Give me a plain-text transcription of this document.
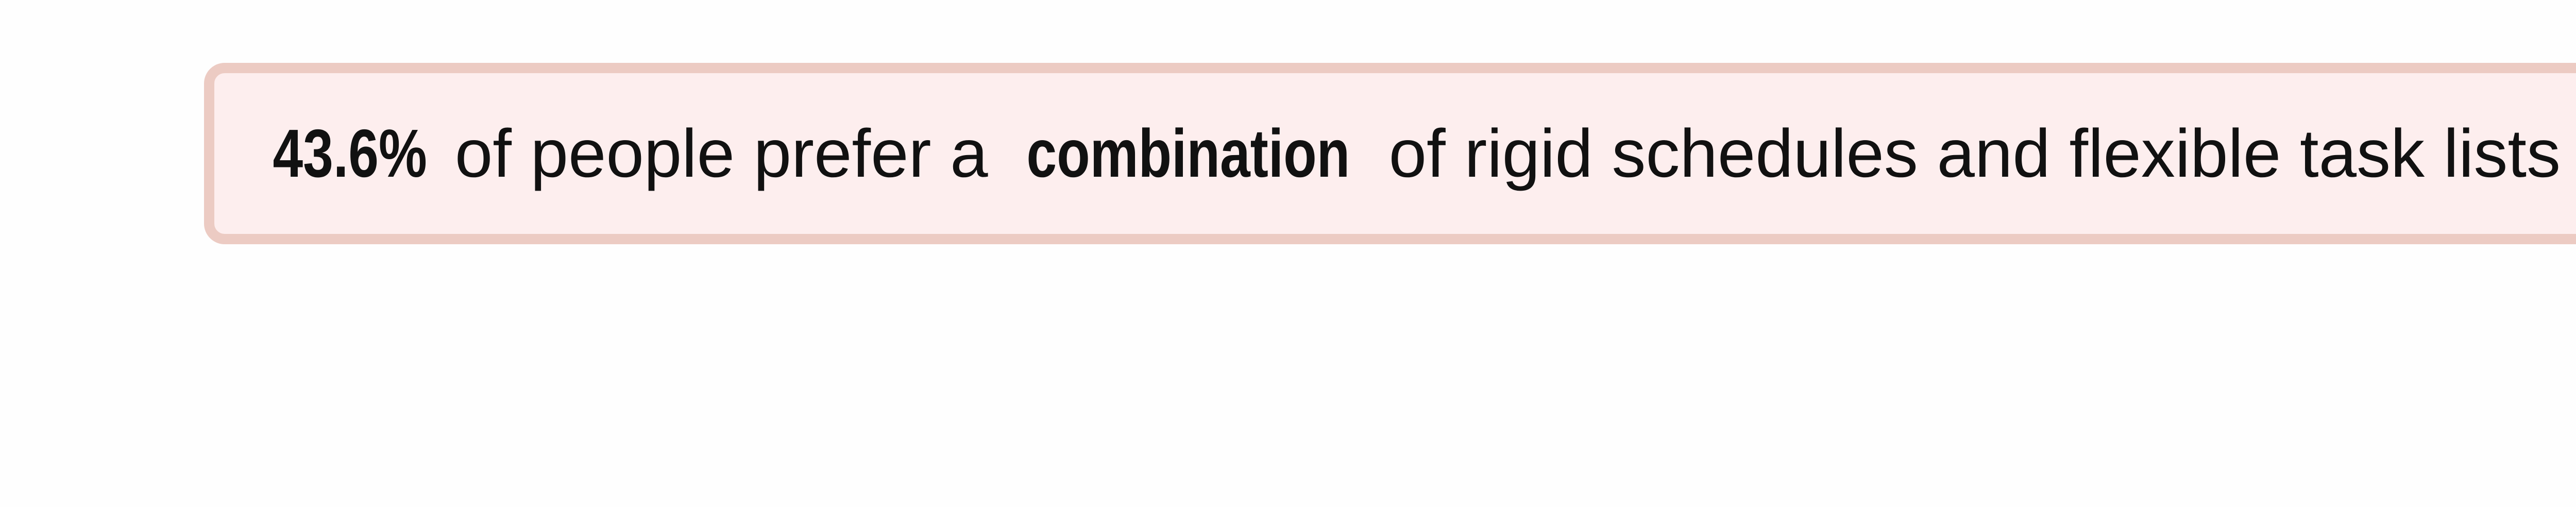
43.6% of people prefer a combination of rigid schedules and flexible task lists
